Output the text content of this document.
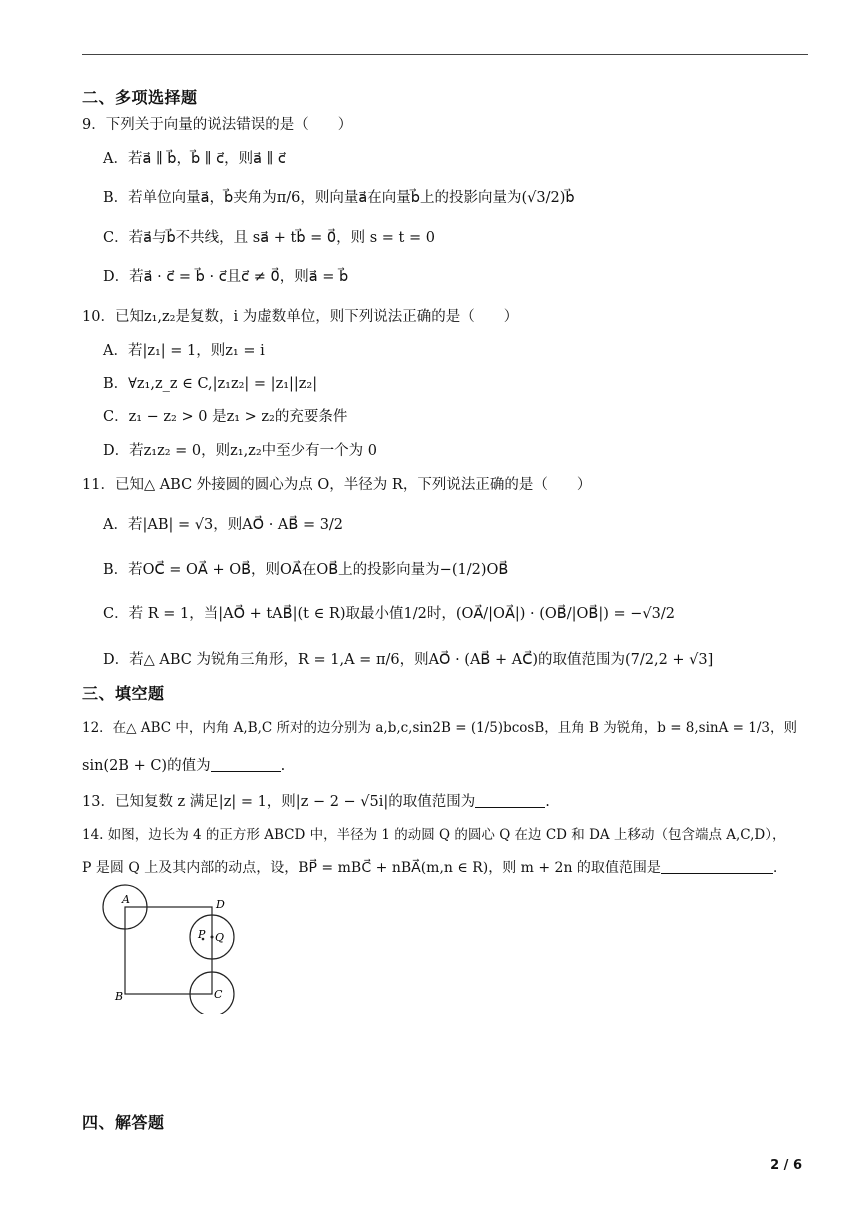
二、多项选择题
9．下列关于向量的说法错误的是（　　）
A．若a⃗ ∥ b⃗，b⃗ ∥ c⃗，则a⃗ ∥ c⃗
B．若单位向量a⃗，b⃗夹角为π/6，则向量a⃗在向量b⃗上的投影向量为(√3/2)b⃗
C．若a⃗与b⃗不共线，且 sa⃗ + tb⃗ = 0⃗，则 s = t = 0
D．若a⃗ · c⃗ = b⃗ · c⃗且c⃗ ≠ 0⃗，则a⃗ = b⃗
10．已知z₁,z₂是复数，i 为虚数单位，则下列说法正确的是（　　）
A．若|z₁| = 1，则z₁ = i
B．∀z₁,z_z ∈ C,|z₁z₂| = |z₁||z₂|
C．z₁ − z₂ > 0 是z₁ > z₂的充要条件
D．若z₁z₂ = 0，则z₁,z₂中至少有一个为 0
11．已知△ ABC 外接圆的圆心为点 O，半径为 R，下列说法正确的是（　　）
A．若|AB| = √3，则AO⃗ · AB⃗ = 3/2
B．若OC⃗ = OA⃗ + OB⃗，则OA⃗在OB⃗上的投影向量为−(1/2)OB⃗
C．若 R = 1，当|AO⃗ + tAB⃗|(t ∈ R)取最小值1/2时，(OA⃗/|OA⃗|) · (OB⃗/|OB⃗|) = −√3/2
D．若△ ABC 为锐角三角形，R = 1,A = π/6，则AO⃗ · (AB⃗ + AC⃗)的取值范围为(7/2,2 + √3]
三、填空题
12．在△ ABC 中，内角 A,B,C 所对的边分别为 a,b,c,sin2B = (1/5)bcosB，且角 B 为锐角，b = 8,sinA = 1/3，则
sin(2B + C)的值为	.
13．已知复数 z 满足|z| = 1，则|z − 2 − √5i|的取值范围为	.
14. 如图，边长为 4 的正方形 ABCD 中，半径为 1 的动圆 Q 的圆心 Q 在边 CD 和 DA 上移动（包含端点 A,C,D），
P 是圆 Q 上及其内部的动点，设，BP⃗ = mBC⃗ + nBA⃗(m,n ∈ R)，则 m + 2n 的取值范围是	.
A
B	C
D
P Q
四、解答题
2 / 6
